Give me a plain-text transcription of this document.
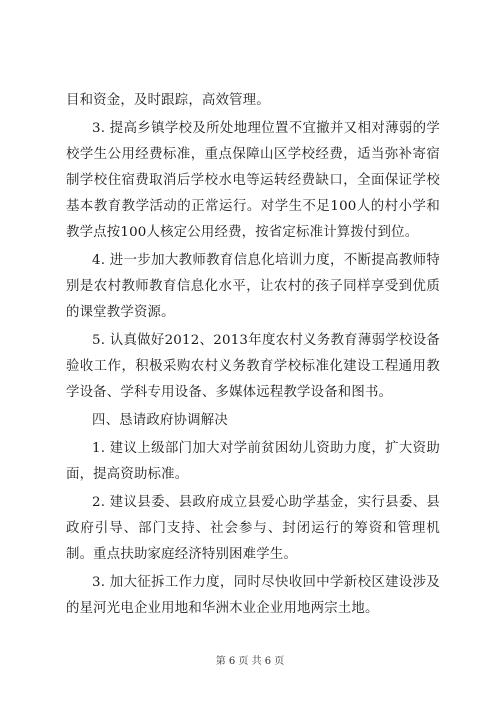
目和资金，及时跟踪，高效管理。

3. 提高乡镇学校及所处地理位置不宜撤并又相对薄弱的学校学生公用经费标准，重点保障山区学校经费，适当弥补寄宿制学校住宿费取消后学校水电等运转经费缺口，全面保证学校基本教育教学活动的正常运行。对学生不足100人的村小学和教学点按100人核定公用经费，按省定标准计算拨付到位。

4. 进一步加大教师教育信息化培训力度，不断提高教师特别是农村教师教育信息化水平，让农村的孩子同样享受到优质的课堂教学资源。

5. 认真做好2012、2013年度农村义务教育薄弱学校设备验收工作，积极采购农村义务教育学校标准化建设工程通用教学设备、学科专用设备、多媒体远程教学设备和图书。

四、恳请政府协调解决

1. 建议上级部门加大对学前贫困幼儿资助力度，扩大资助面，提高资助标准。

2. 建议县委、县政府成立县爱心助学基金，实行县委、县政府引导、部门支持、社会参与、封闭运行的筹资和管理机制。重点扶助家庭经济特别困难学生。

3. 加大征拆工作力度，同时尽快收回中学新校区建设涉及的星河光电企业用地和华洲木业企业用地两宗土地。

第 6 页 共 6 页
